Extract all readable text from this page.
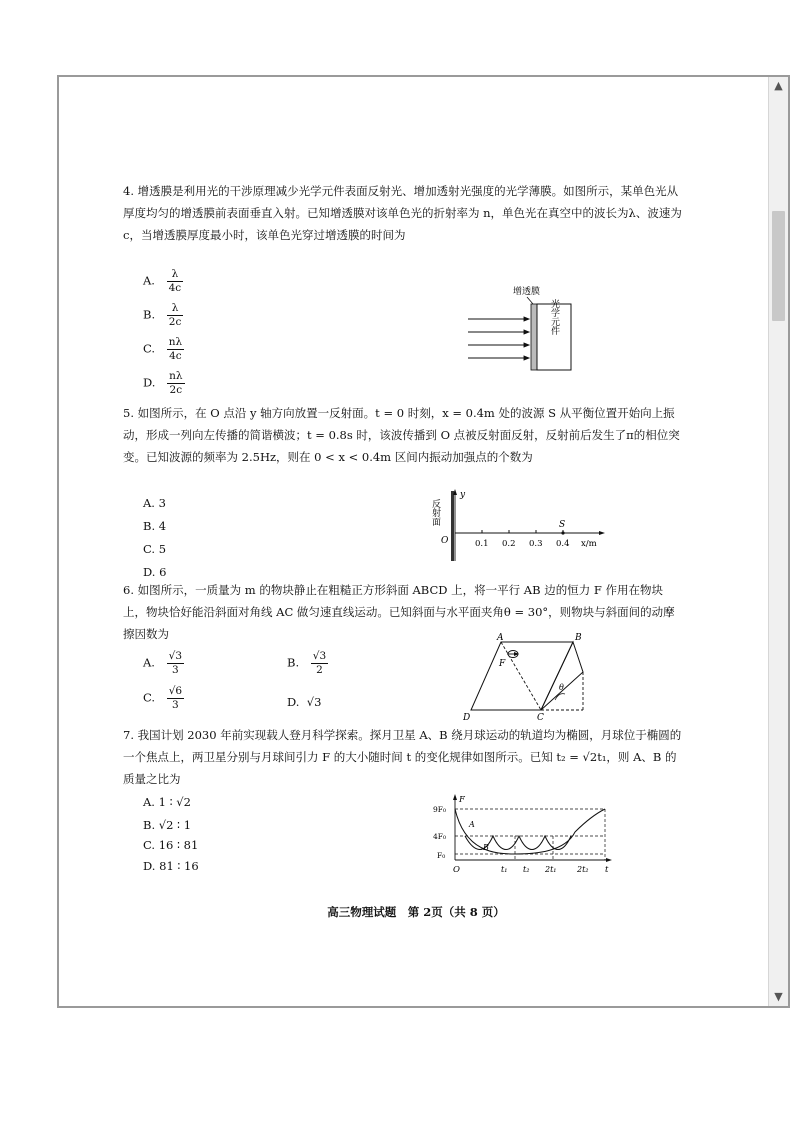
4. 增透膜是利用光的干涉原理减少光学元件表面反射光、增加透射光强度的光学薄膜。如图所示，某单色光从厚度均匀的增透膜前表面垂直入射。已知增透膜对该单色光的折射率为 n，单色光在真空中的波长为λ、波速为 c，当增透膜厚度最小时，该单色光穿过增透膜的时间为

A. $\frac{\lambda}{4c}$
B. $\frac{\lambda}{2c}$
C. $\frac{n\lambda}{4c}$
D. $\frac{n\lambda}{2c}$
增透膜
光学元件

5. 如图所示，在 O 点沿 y 轴方向放置一反射面。t = 0 时刻，x = 0.4m 处的波源 S 从平衡位置开始向上振动，形成一列向左传播的简谐横波；t = 0.8s 时，该波传播到 O 点被反射面反射，反射前后发生了π的相位突变。已知波源的频率为 2.5Hz，则在 0 < x < 0.4m 区间内振动加强点的个数为

A. 3
B. 4
C. 5
D. 6
反射面
y
O	0.1 0.2 0.3 0.4
S
x/m

6. 如图所示，一质量为 m 的物块静止在粗糙正方形斜面 ABCD 上，将一平行 AB 边的恒力 F 作用在物块上，物块恰好能沿斜面对角线 AC 做匀速直线运动。已知斜面与水平面夹角θ = 30°，则物块与斜面间的动摩擦因数为

A. $\frac{√3}{3}$	B. $\frac{√3}{2}$
C. $\frac{√6}{3}$	D. √3
A	B
C
D
F
θ

7. 我国计划 2030 年前实现载人登月科学探索。探月卫星 A、B 绕月球运动的轨道均为椭圆，月球位于椭圆的一个焦点上，两卫星分别与月球间引力 F 的大小随时间 t 的变化规律如图所示。已知 t₂ = √2t₁，则 A、B 的质量之比为

A. 1 ∶ √2
B. √2 ∶ 1
C. 16 ∶ 81
D. 81 ∶ 16
F
t
O
9F₀
4F₀
F₀
A
B
t₁ t₂ 2t₁	2t₂
高三物理试题　第 2页（共 8 页）
▲
▼
